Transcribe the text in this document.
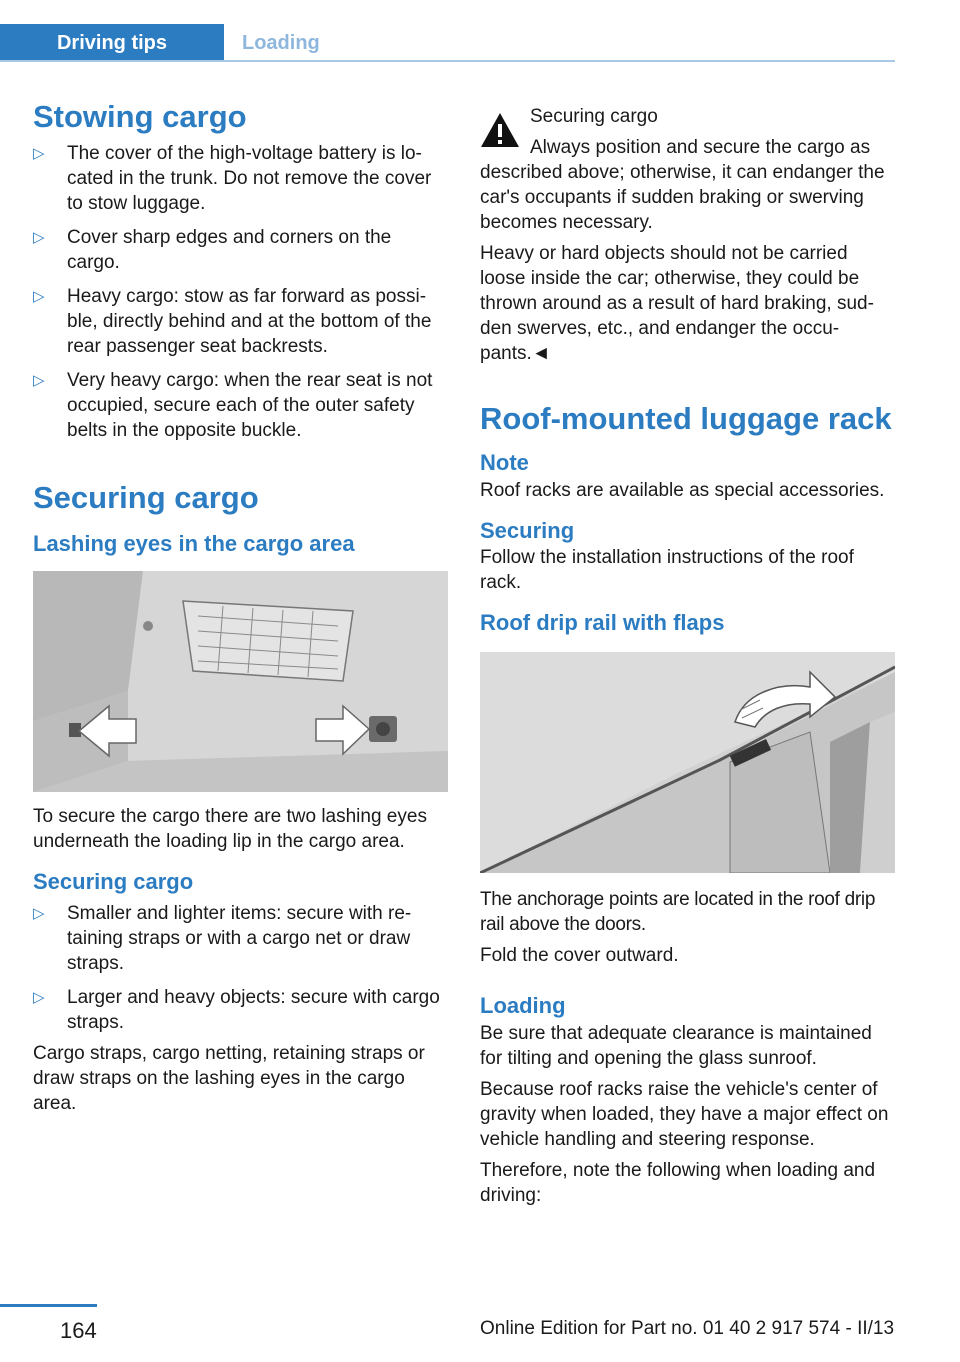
Driving tips	Loading
Stowing cargo
▷ The cover of the high-voltage battery is located in the trunk. Do not remove the cover to stow luggage.
▷ Cover sharp edges and corners on the cargo.
▷ Heavy cargo: stow as far forward as possible, directly behind and at the bottom of the rear passenger seat backrests.
▷ Very heavy cargo: when the rear seat is not occupied, secure each of the outer safety belts in the opposite buckle.
Securing cargo
Lashing eyes in the cargo area

To secure the cargo there are two lashing eyes underneath the loading lip in the cargo area.

Securing cargo
▷ Smaller and lighter items: secure with retaining straps or with a cargo net or draw straps.
▷ Larger and heavy objects: secure with cargo straps.

Cargo straps, cargo netting, retaining straps or draw straps on the lashing eyes in the cargo area.

Securing cargo

Always position and secure the cargo as described above; otherwise, it can endanger the car's occupants if sudden braking or swerving becomes necessary.

Heavy or hard objects should not be carried loose inside the car; otherwise, they could be thrown around as a result of hard braking, sudden swerves, etc., and endanger the occupants.◄

Roof-mounted luggage rack
Note

Roof racks are available as special accessories.

Securing

Follow the installation instructions of the roof rack.

Roof drip rail with flaps

The anchorage points are located in the roof drip rail above the doors.

Fold the cover outward.

Loading

Be sure that adequate clearance is maintained for tilting and opening the glass sunroof.

Because roof racks raise the vehicle's center of gravity when loaded, they have a major effect on vehicle handling and steering response.

Therefore, note the following when loading and driving:

164	Online Edition for Part no. 01 40 2 917 574 - II/13
